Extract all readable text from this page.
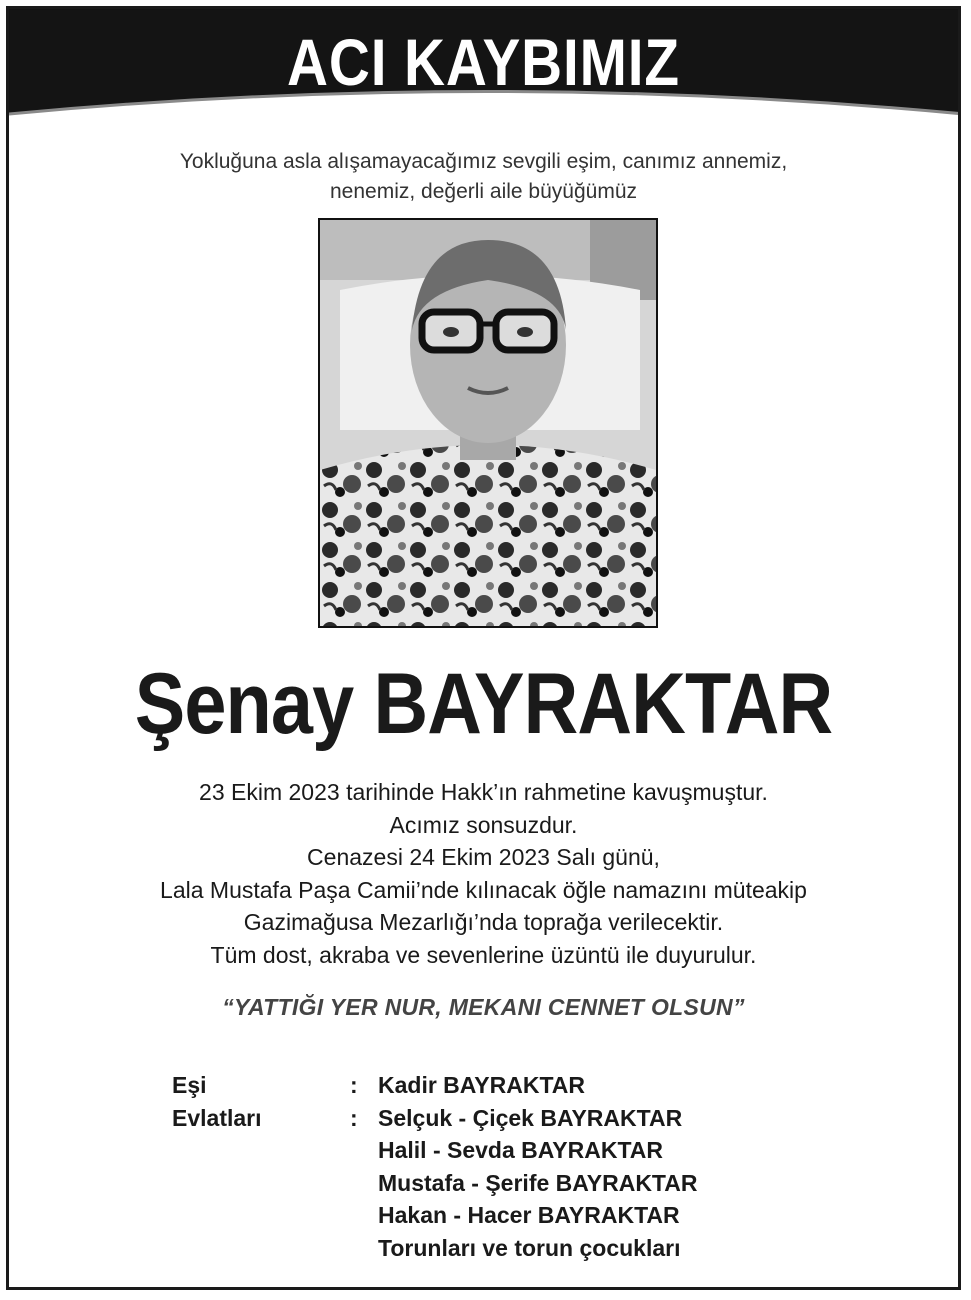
ACI KAYBIMIZ
Yokluğuna asla alışamayacağımız sevgili eşim, canımız annemiz,
nenemiz, değerli aile büyüğümüz
Şenay BAYRAKTAR
23 Ekim 2023 tarihinde Hakk’ın rahmetine kavuşmuştur.
Acımız sonsuzdur.
Cenazesi 24 Ekim 2023 Salı günü,
Lala Mustafa Paşa Camii’nde kılınacak öğle namazını müteakip
Gazimağusa Mezarlığı’nda toprağa verilecektir.
Tüm dost, akraba ve sevenlerine üzüntü ile duyurulur.
“YATTIĞI YER NUR, MEKANI CENNET OLSUN”
Eşi	: Kadir BAYRAKTAR
Evlatları	: Selçuk - Çiçek BAYRAKTAR
Halil - Sevda BAYRAKTAR
Mustafa - Şerife BAYRAKTAR
Hakan - Hacer BAYRAKTAR
Torunları ve torun çocukları
